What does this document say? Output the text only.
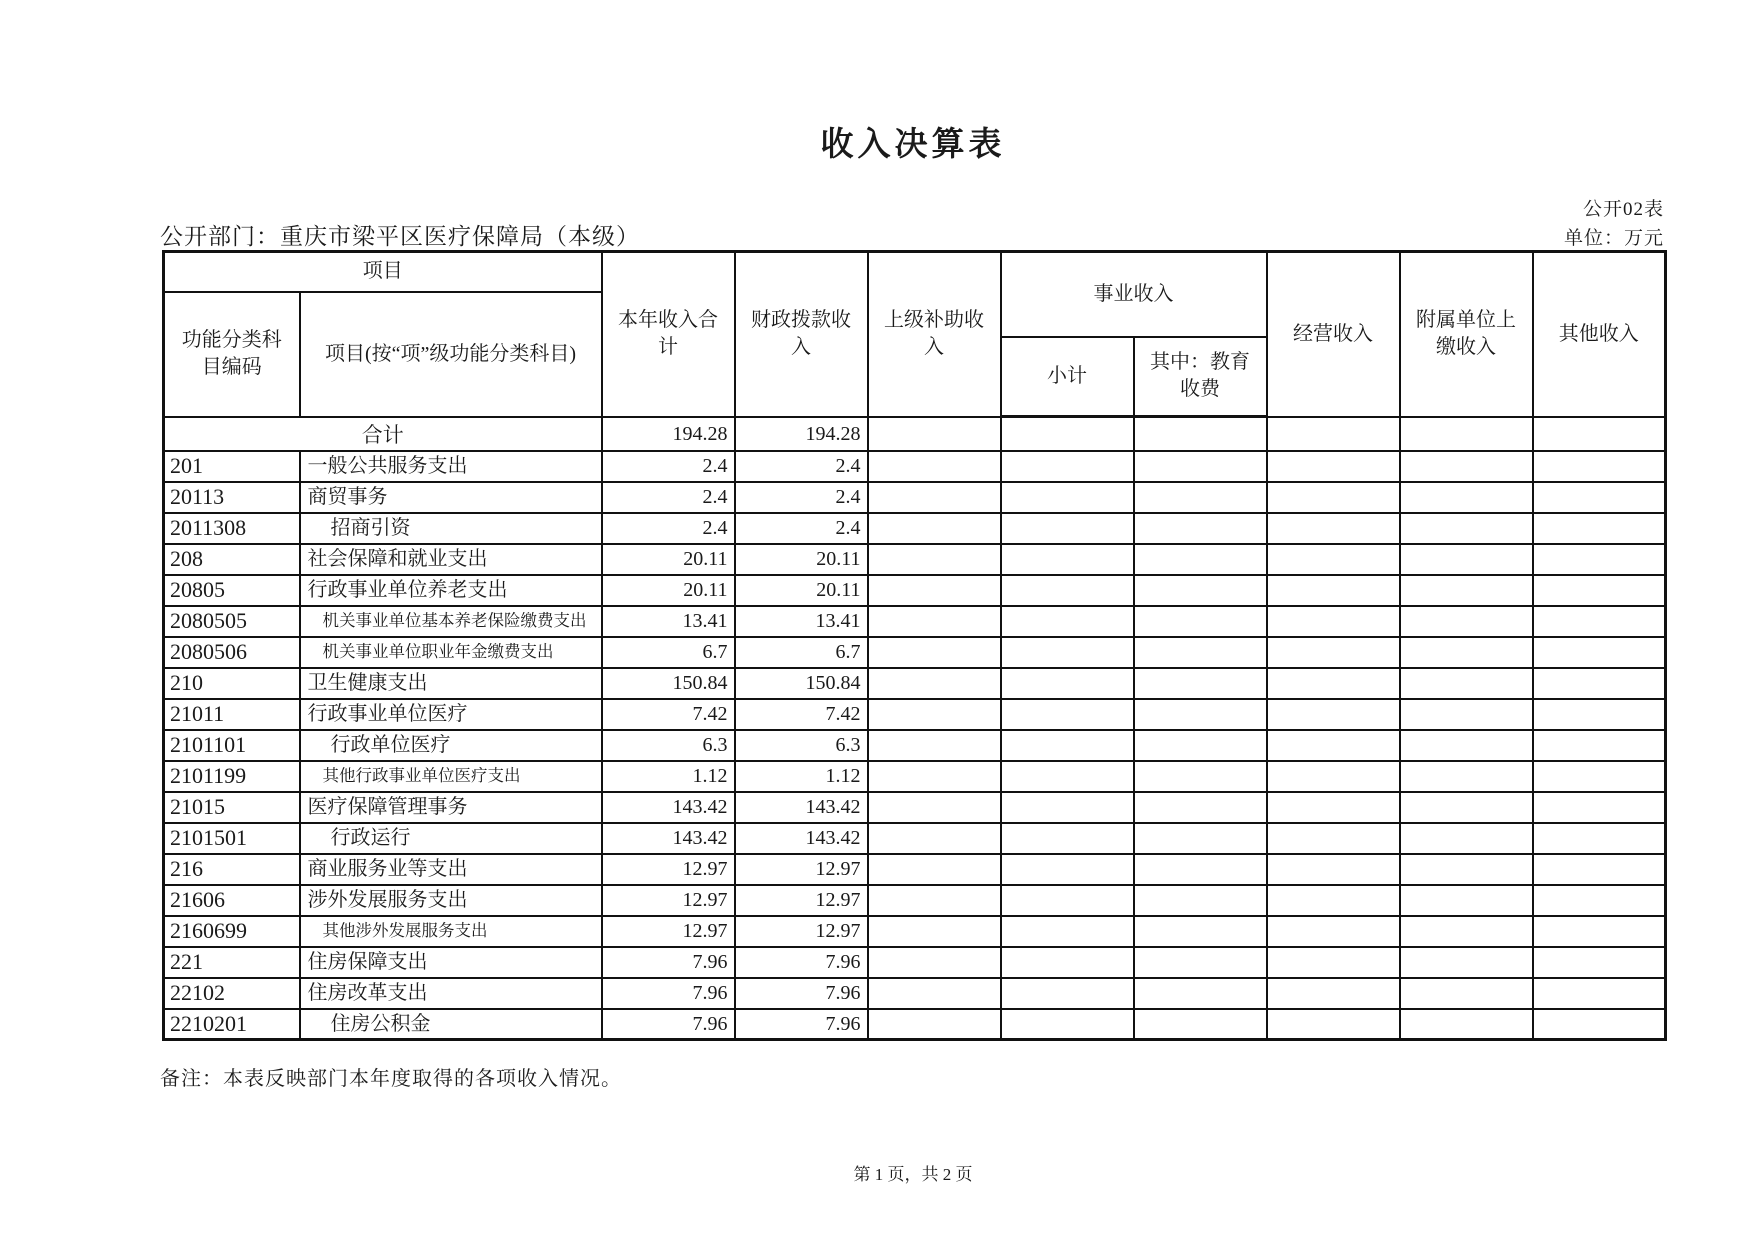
收入决算表
公开02表
公开部门：重庆市梁平区医疗保障局（本级）	单位：万元
项目		本年收入合计	财政拨款收入	上级补助收入	事业收入		经营收入	附属单位上缴收入	其他收入
功能分类科目编码	项目(按“项”级功能分类科目)								
					小计	其中：教育收费			
合计		194.28	194.28						
201	一般公共服务支出	2.4	2.4						
20113	商贸事务	2.4	2.4						
2011308	招商引资	2.4	2.4						
208	社会保障和就业支出	20.11	20.11						
20805	行政事业单位养老支出	20.11	20.11						
2080505	机关事业单位基本养老保险缴费支出	13.41	13.41						
2080506	机关事业单位职业年金缴费支出	6.7	6.7						
210	卫生健康支出	150.84	150.84						
21011	行政事业单位医疗	7.42	7.42						
2101101	行政单位医疗	6.3	6.3						
2101199	其他行政事业单位医疗支出	1.12	1.12						
21015	医疗保障管理事务	143.42	143.42						
2101501	行政运行	143.42	143.42						
216	商业服务业等支出	12.97	12.97						
21606	涉外发展服务支出	12.97	12.97						
2160699	其他涉外发展服务支出	12.97	12.97						
221	住房保障支出	7.96	7.96						
22102	住房改革支出	7.96	7.96						
2210201	住房公积金	7.96	7.96						
备注：本表反映部门本年度取得的各项收入情况。
第 1 页，共 2 页
